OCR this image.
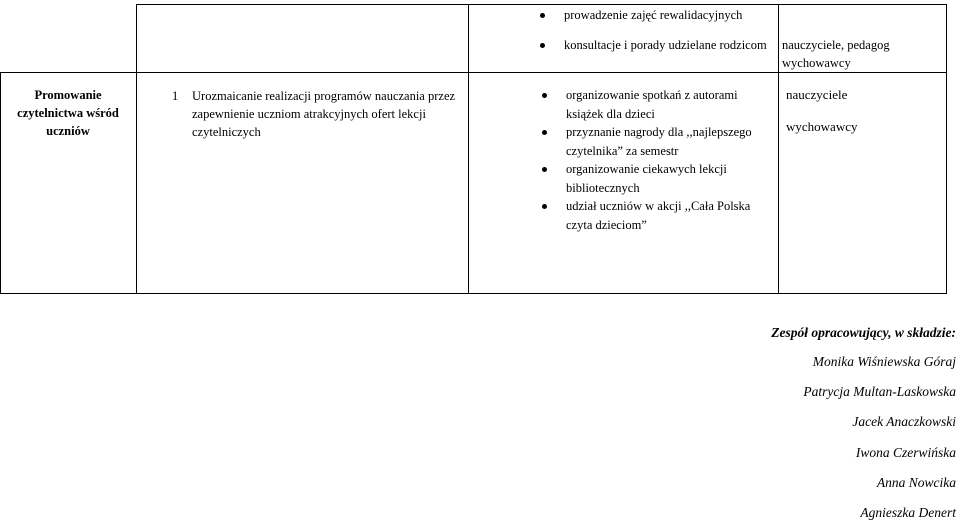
prowadzenie zajęć rewalidacyjnych
konsultacje i porady udzielane rodzicom nauczyciele, pedagog wychowawcy
Promowanie czytelnictwa wśród uczniów
1	Urozmaicanie realizacji programów nauczania przez zapewnienie uczniom atrakcyjnych ofert lekcji czytelniczych
organizowanie spotkań z autorami książek dla dzieci
przyznanie nagrody dla ,,najlepszego czytelnika” za semestr
organizowanie ciekawych lekcji bibliotecznych
udział uczniów w akcji ,,Cała Polska czyta dzieciom”
nauczyciele
wychowawcy
Zespół opracowujący, w składzie:
Monika Wiśniewska Góraj
Patrycja Multan-Laskowska
Jacek Anaczkowski
Iwona Czerwińska
Anna Nowcika
Agnieszka Denert
